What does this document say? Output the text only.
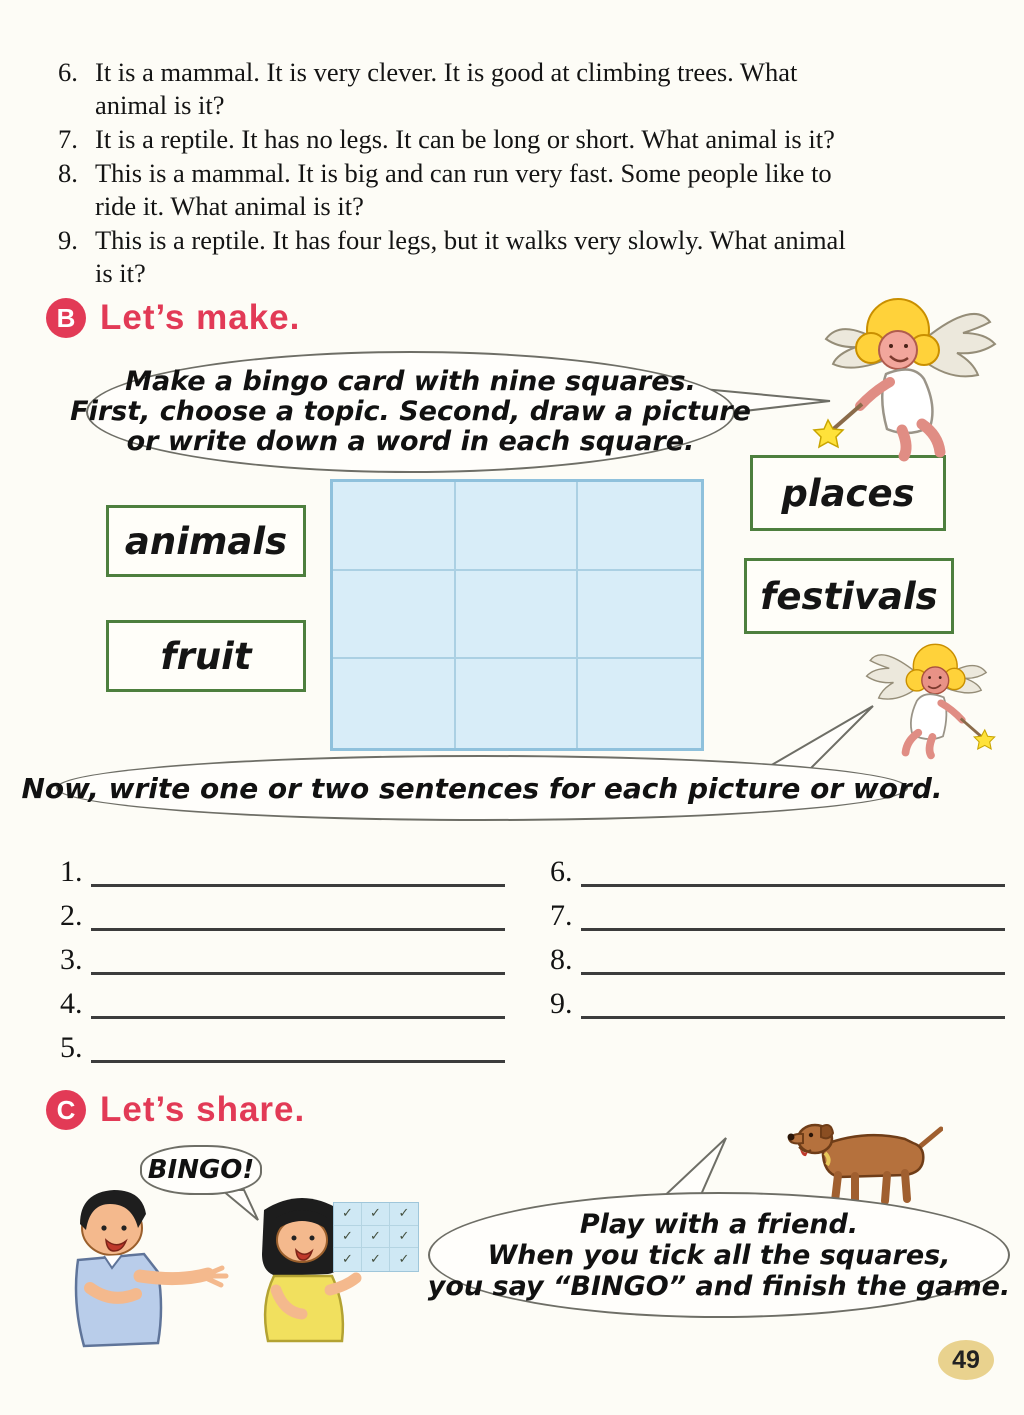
6. It is a mammal. It is very clever. It is good at climbing trees. What
animal is it?
7. It is a reptile. It has no legs. It can be long or short. What animal is it?
8. This is a mammal. It is big and can run very fast. Some people like to
ride it. What animal is it?
9. This is a reptile. It has four legs, but it walks very slowly. What animal
is it?
B Let’s make.
Make a bingo card with nine squares.
First, choose a topic. Second, draw a picture
or write down a word in each square.
animals
fruit
places
festivals
Now, write one or two sentences for each picture or word.
1.
2.
3.
4.
5.
6.
7.
8.
9.
C Let’s share.
BINGO!
✓	✓	✓
✓	✓	✓
✓	✓	✓
Play with a friend.
When you tick all the squares,
you say “BINGO” and finish the game.
49
